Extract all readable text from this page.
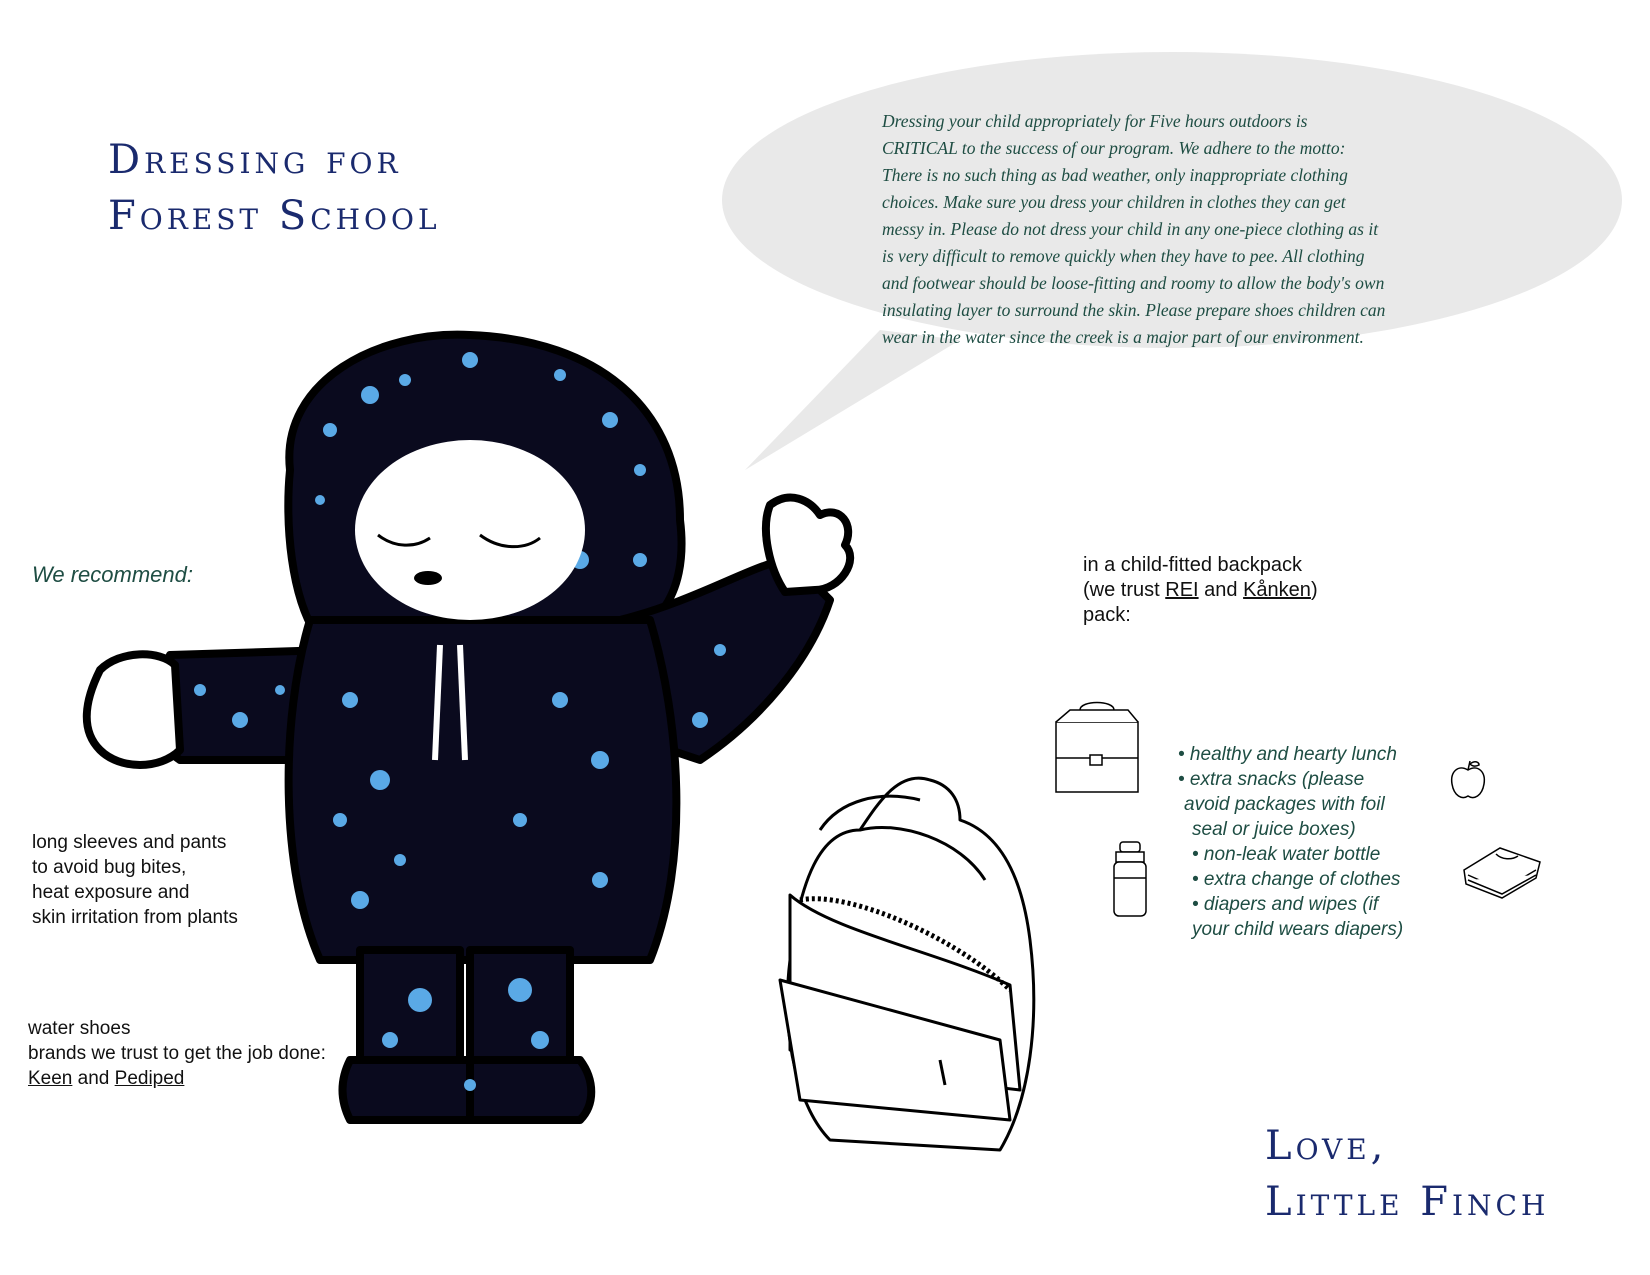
Dressing for
Forest School
Dressing your child appropriately for Five hours outdoors is
CRITICAL to the success of our program. We adhere to the motto:
There is no such thing as bad weather, only inappropriate clothing
choices. Make sure you dress your children in clothes they can get
messy in. Please do not dress your child in any one-piece clothing as it
is very difficult to remove quickly when they have to pee. All clothing
and footwear should be loose-fitting and roomy to allow the body's own
insulating layer to surround the skin. Please prepare shoes children can
wear in the water since the creek is a major part of our environment.
We recommend:
long sleeves and pants
to avoid bug bites,
heat exposure and
skin irritation from plants
water shoes
brands we trust to get the job done:
Keen and Pediped
in a child-fitted backpack
(we trust REI and Kånken)
pack:
• healthy and hearty lunch
• extra snacks (please
avoid packages with foil
seal or juice boxes)
• non-leak water bottle
• extra change of clothes
• diapers and wipes (if
your child wears diapers)
Love,
Little Finch
